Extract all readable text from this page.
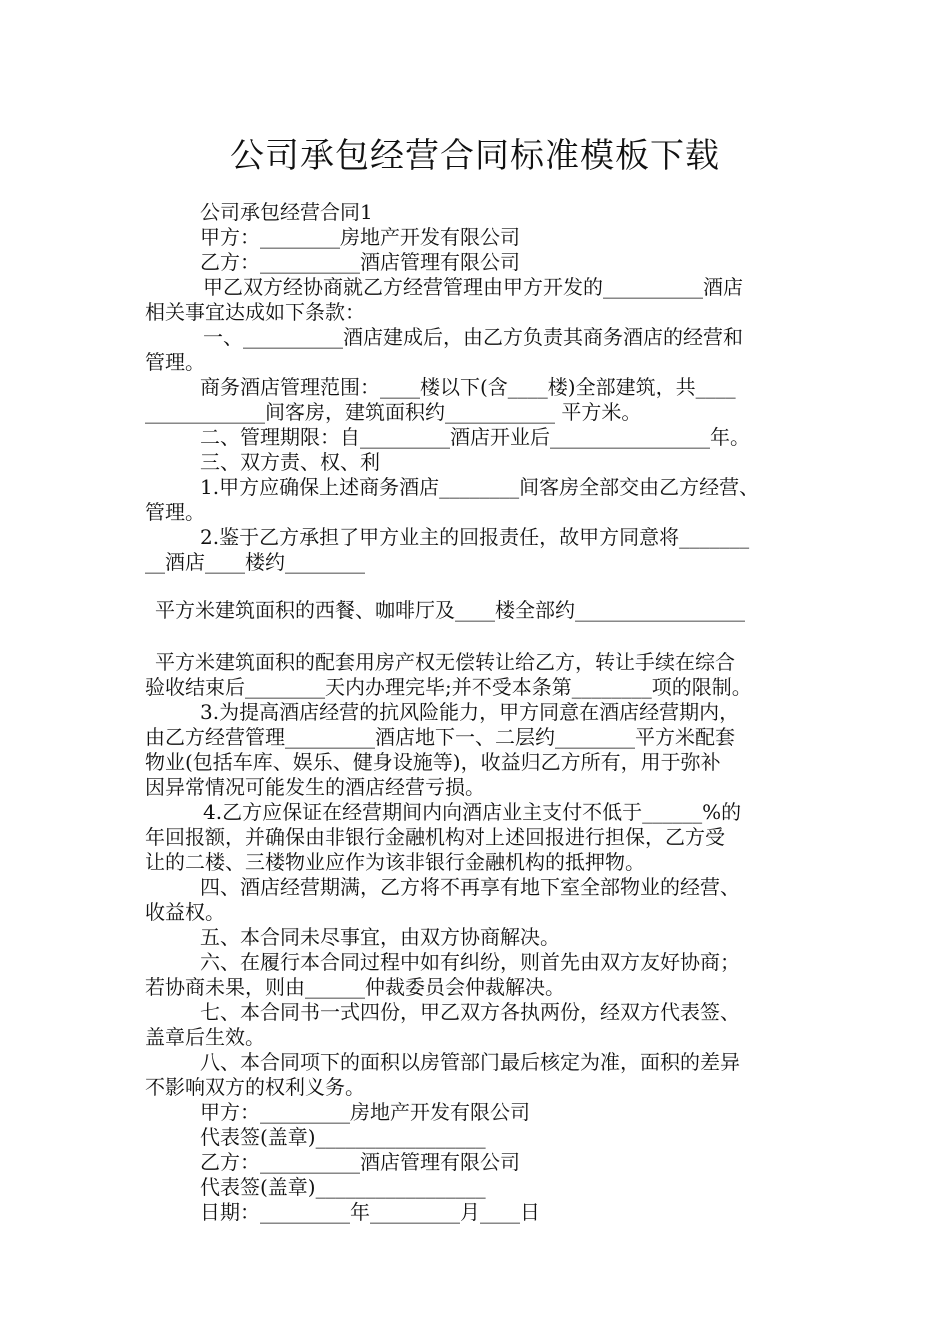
公司承包经营合同标准模板下载
公司承包经营合同1
甲方：________房地产开发有限公司
乙方：__________酒店管理有限公司
甲乙双方经协商就乙方经营管理由甲方开发的__________酒店
相关事宜达成如下条款：
一、__________酒店建成后，由乙方负责其商务酒店的经营和
管理。
商务酒店管理范围：____楼以下(含____楼)全部建筑，共____
____________间客房，建筑面积约___________ 平方米。
二、管理期限：自_________酒店开业后________________年。
三、双方责、权、利
1.甲方应确保上述商务酒店________间客房全部交由乙方经营、
管理。
2.鉴于乙方承担了甲方业主的回报责任，故甲方同意将_______
__酒店____楼约________
平方米建筑面积的西餐、咖啡厅及____楼全部约_________________
平方米建筑面积的配套用房产权无偿转让给乙方，转让手续在综合
验收结束后________天内办理完毕;并不受本条第________项的限制。
3.为提高酒店经营的抗风险能力，甲方同意在酒店经营期内，
由乙方经营管理_________酒店地下一、二层约________平方米配套
物业(包括车库、娱乐、健身设施等)，收益归乙方所有，用于弥补
因异常情况可能发生的酒店经营亏损。
4.乙方应保证在经营期间内向酒店业主支付不低于______%的
年回报额，并确保由非银行金融机构对上述回报进行担保，乙方受
让的二楼、三楼物业应作为该非银行金融机构的抵押物。
四、酒店经营期满，乙方将不再享有地下室全部物业的经营、
收益权。
五、本合同未尽事宜，由双方协商解决。
六、在履行本合同过程中如有纠纷，则首先由双方友好协商；
若协商未果，则由______仲裁委员会仲裁解决。
七、本合同书一式四份，甲乙双方各执两份，经双方代表签、
盖章后生效。
八、本合同项下的面积以房管部门最后核定为准，面积的差异
不影响双方的权利义务。
甲方：_________房地产开发有限公司
代表签(盖章)_________________
乙方：__________酒店管理有限公司
代表签(盖章)_________________
日期：_________年_________月____日
